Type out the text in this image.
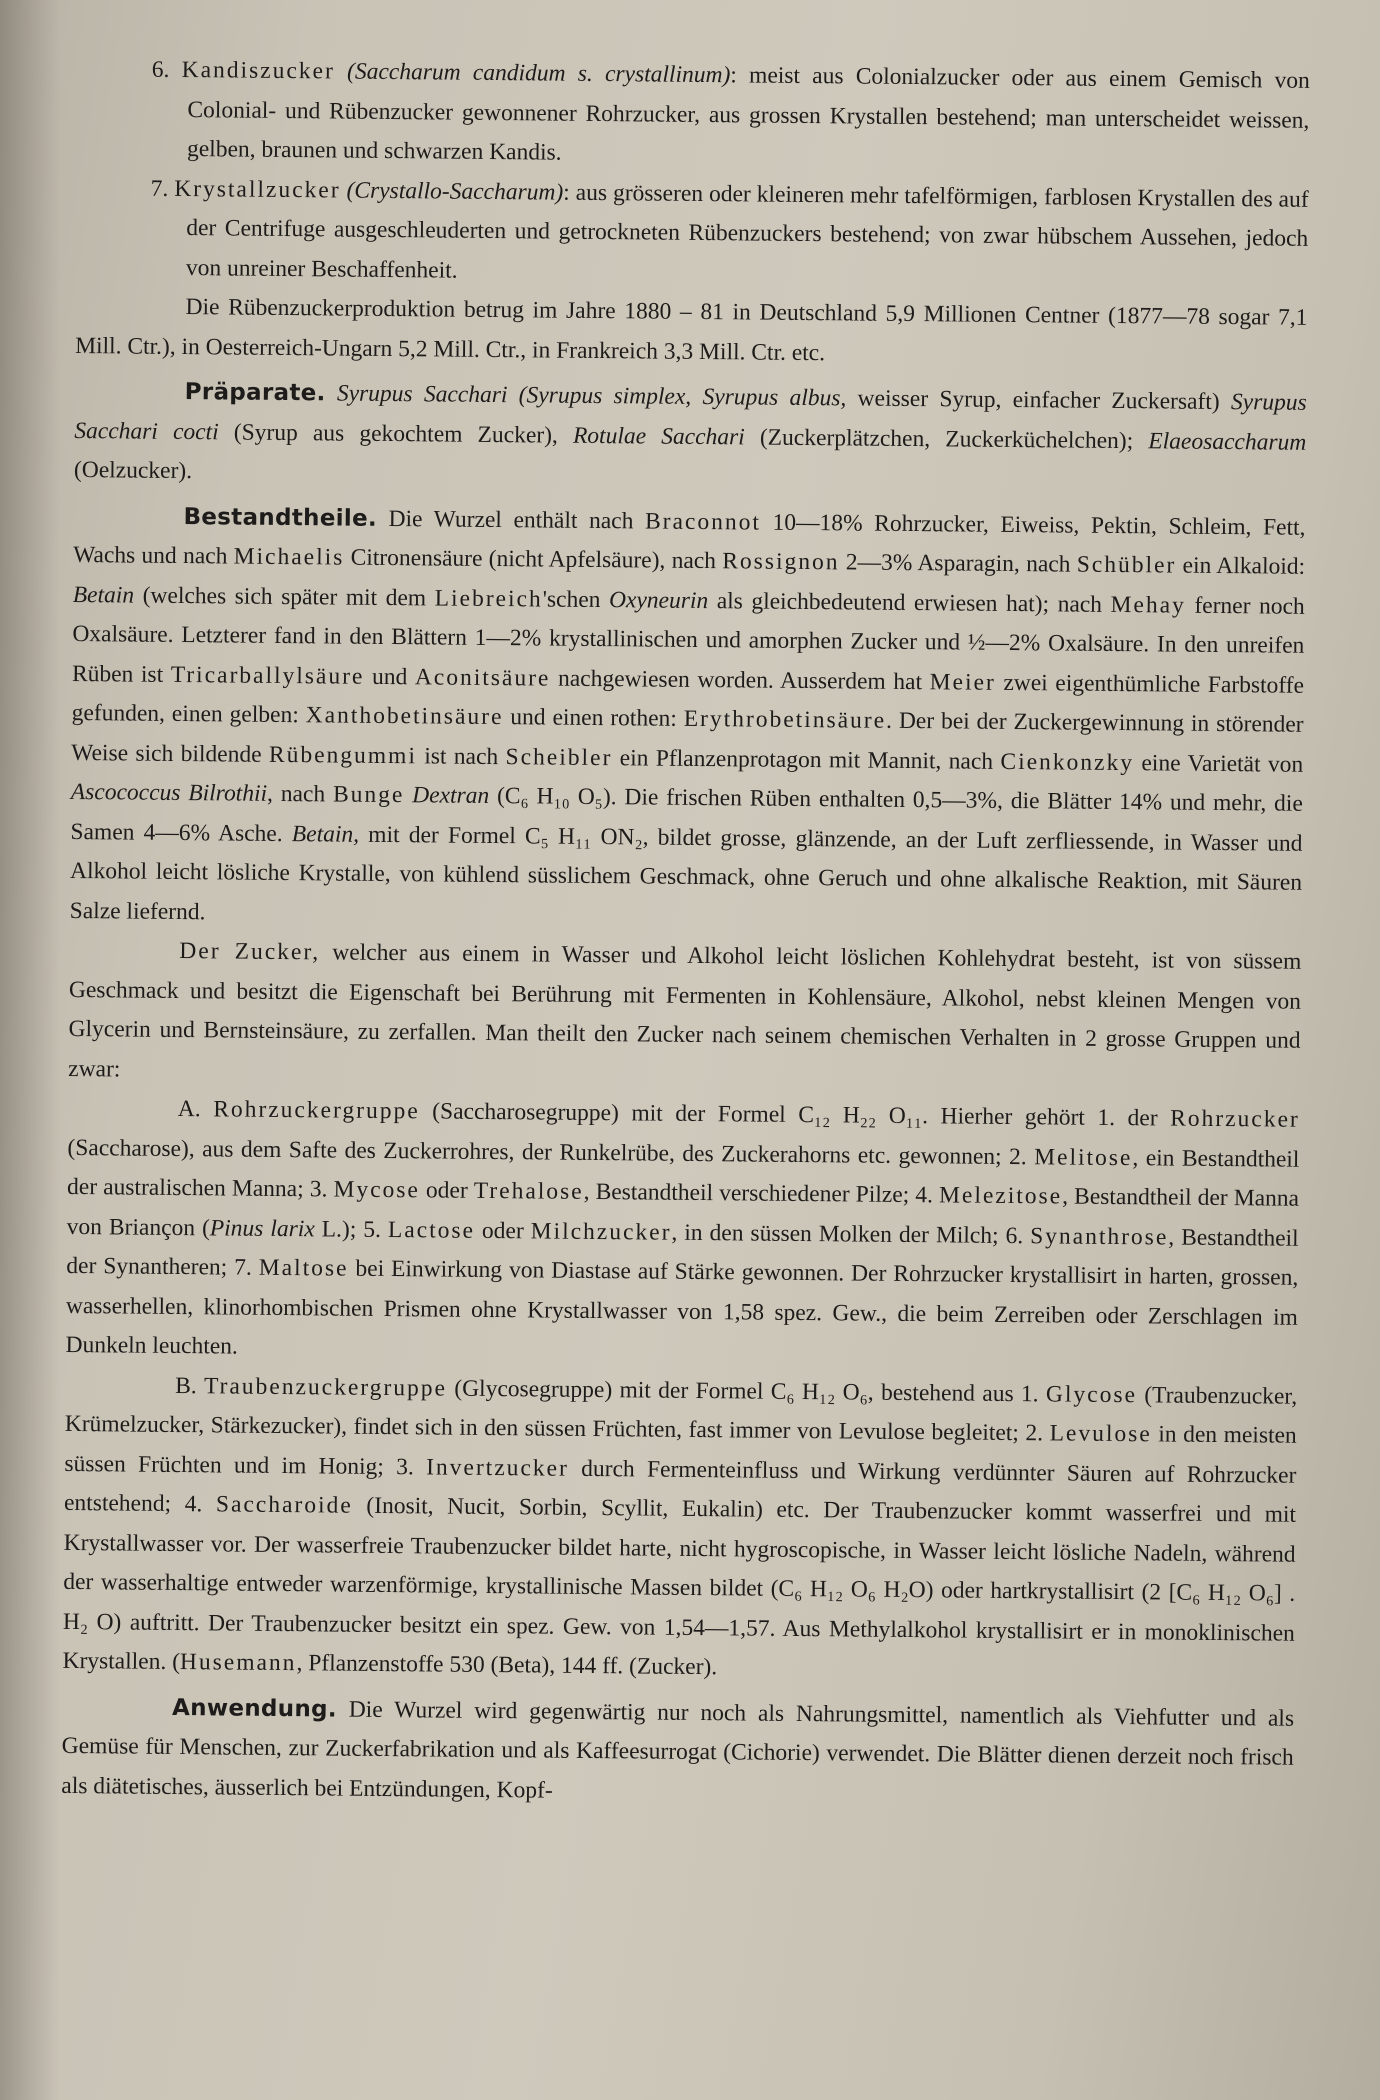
6. Kandiszucker (Saccharum candidum s. crystallinum): meist aus Colonialzucker oder aus einem Gemisch von Colonial- und Rübenzucker gewonnener Rohrzucker, aus grossen Krystallen bestehend; man unterscheidet weissen, gelben, braunen und schwarzen Kandis.

7. Krystallzucker (Crystallo-Saccharum): aus grösseren oder kleineren mehr tafelförmigen, farblosen Krystallen des auf der Centrifuge ausgeschleuderten und getrockneten Rübenzuckers bestehend; von zwar hübschem Aussehen, jedoch von unreiner Beschaffenheit.

Die Rübenzuckerproduktion betrug im Jahre 1880 – 81 in Deutschland 5,9 Millionen Centner (1877—78 sogar 7,1 Mill. Ctr.), in Oesterreich-Ungarn 5,2 Mill. Ctr., in Frankreich 3,3 Mill. Ctr. etc.

Präparate. Syrupus Sacchari (Syrupus simplex, Syrupus albus, weisser Syrup, einfacher Zuckersaft) Syrupus Sacchari cocti (Syrup aus gekochtem Zucker), Rotulae Sacchari (Zuckerplätzchen, Zuckerküchelchen); Elaeosaccharum (Oelzucker).

Bestandtheile. Die Wurzel enthält nach Braconnot 10—18% Rohrzucker, Eiweiss, Pektin, Schleim, Fett, Wachs und nach Michaelis Citronensäure (nicht Apfelsäure), nach Rossignon 2—3% Asparagin, nach Schübler ein Alkaloid: Betain (welches sich später mit dem Liebreich'schen Oxyneurin als gleichbedeutend erwiesen hat); nach Mehay ferner noch Oxalsäure. Letzterer fand in den Blättern 1—2% krystallinischen und amorphen Zucker und ½—2% Oxalsäure. In den unreifen Rüben ist Tricarballylsäure und Aconitsäure nachgewiesen worden. Ausserdem hat Meier zwei eigenthümliche Farbstoffe gefunden, einen gelben: Xanthobetinsäure und einen rothen: Erythrobetinsäure. Der bei der Zuckergewinnung in störender Weise sich bildende Rübengummi ist nach Scheibler ein Pflanzenprotagon mit Mannit, nach Cienkonzky eine Varietät von Ascococcus Bilrothii, nach Bunge Dextran (C₆ H₁₀ O₅). Die frischen Rüben enthalten 0,5—3%, die Blätter 14% und mehr, die Samen 4—6% Asche. Betain, mit der Formel C₅ H₁₁ ON₂, bildet grosse, glänzende, an der Luft zerfliessende, in Wasser und Alkohol leicht lösliche Krystalle, von kühlend süsslichem Geschmack, ohne Geruch und ohne alkalische Reaktion, mit Säuren Salze liefernd.

Der Zucker, welcher aus einem in Wasser und Alkohol leicht löslichen Kohlehydrat besteht, ist von süssem Geschmack und besitzt die Eigenschaft bei Berührung mit Fermenten in Kohlensäure, Alkohol, nebst kleinen Mengen von Glycerin und Bernsteinsäure, zu zerfallen. Man theilt den Zucker nach seinem chemischen Verhalten in 2 grosse Gruppen und zwar:

A. Rohrzuckergruppe (Saccharosegruppe) mit der Formel C₁₂ H₂₂ O₁₁. Hierher gehört 1. der Rohrzucker (Saccharose), aus dem Safte des Zuckerrohres, der Runkelrübe, des Zuckerahorns etc. gewonnen; 2. Melitose, ein Bestandtheil der australischen Manna; 3. Mycose oder Trehalose, Bestandtheil verschiedener Pilze; 4. Melezitose, Bestandtheil der Manna von Briançon (Pinus larix L.); 5. Lactose oder Milchzucker, in den süssen Molken der Milch; 6. Synanthrose, Bestandtheil der Synantheren; 7. Maltose bei Einwirkung von Diastase auf Stärke gewonnen. Der Rohrzucker krystallisirt in harten, grossen, wasserhellen, klinorhombischen Prismen ohne Krystallwasser von 1,58 spez. Gew., die beim Zerreiben oder Zerschlagen im Dunkeln leuchten.

B. Traubenzuckergruppe (Glycosegruppe) mit der Formel C₆ H₁₂ O₆, bestehend aus 1. Glycose (Traubenzucker, Krümelzucker, Stärkezucker), findet sich in den süssen Früchten, fast immer von Levulose begleitet; 2. Levulose in den meisten süssen Früchten und im Honig; 3. Invertzucker durch Fermenteinfluss und Wirkung verdünnter Säuren auf Rohrzucker entstehend; 4. Saccharoide (Inosit, Nucit, Sorbin, Scyllit, Eukalin) etc. Der Traubenzucker kommt wasserfrei und mit Krystallwasser vor. Der wasserfreie Traubenzucker bildet harte, nicht hygroscopische, in Wasser leicht lösliche Nadeln, während der wasserhaltige entweder warzenförmige, krystallinische Massen bildet (C₆ H₁₂ O₆ H₂O) oder hartkrystallisirt (2 [C₆ H₁₂ O₆] . H₂ O) auftritt. Der Traubenzucker besitzt ein spez. Gew. von 1,54—1,57. Aus Methylalkohol krystallisirt er in monoklinischen Krystallen. (Husemann, Pflanzenstoffe 530 (Beta), 144 ff. (Zucker).

Anwendung. Die Wurzel wird gegenwärtig nur noch als Nahrungsmittel, namentlich als Viehfutter und als Gemüse für Menschen, zur Zuckerfabrikation und als Kaffeesurrogat (Cichorie) verwendet. Die Blätter dienen derzeit noch frisch als diätetisches, äusserlich bei Entzündungen, Kopf-
